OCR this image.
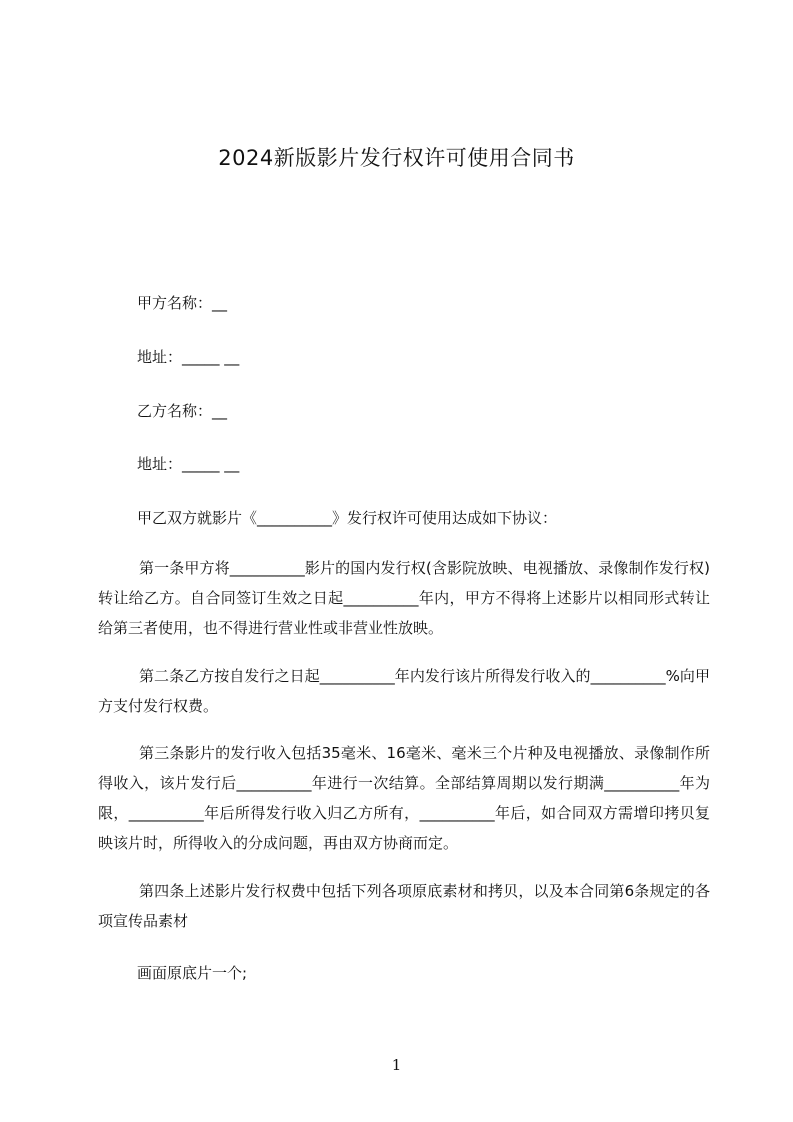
2024新版影片发行权许可使用合同书

甲方名称：__

地址：_____ __

乙方名称：__

地址：_____ __

甲乙双方就影片《__________》发行权许可使用达成如下协议：

第一条甲方将__________影片的国内发行权(含影院放映、电视播放、录像制作发行权)转让给乙方。自合同签订生效之日起__________年内，甲方不得将上述影片以相同形式转让给第三者使用，也不得进行营业性或非营业性放映。

第二条乙方按自发行之日起__________年内发行该片所得发行收入的__________%向甲方支付发行权费。

第三条影片的发行收入包括35毫米、16毫米、毫米三个片种及电视播放、录像制作所得收入，该片发行后__________年进行一次结算。全部结算周期以发行期满__________年为限，__________年后所得发行收入归乙方所有，__________年后，如合同双方需增印拷贝复映该片时，所得收入的分成问题，再由双方协商而定。

第四条上述影片发行权费中包括下列各项原底素材和拷贝，以及本合同第6条规定的各项宣传品素材

画面原底片一个;

1
